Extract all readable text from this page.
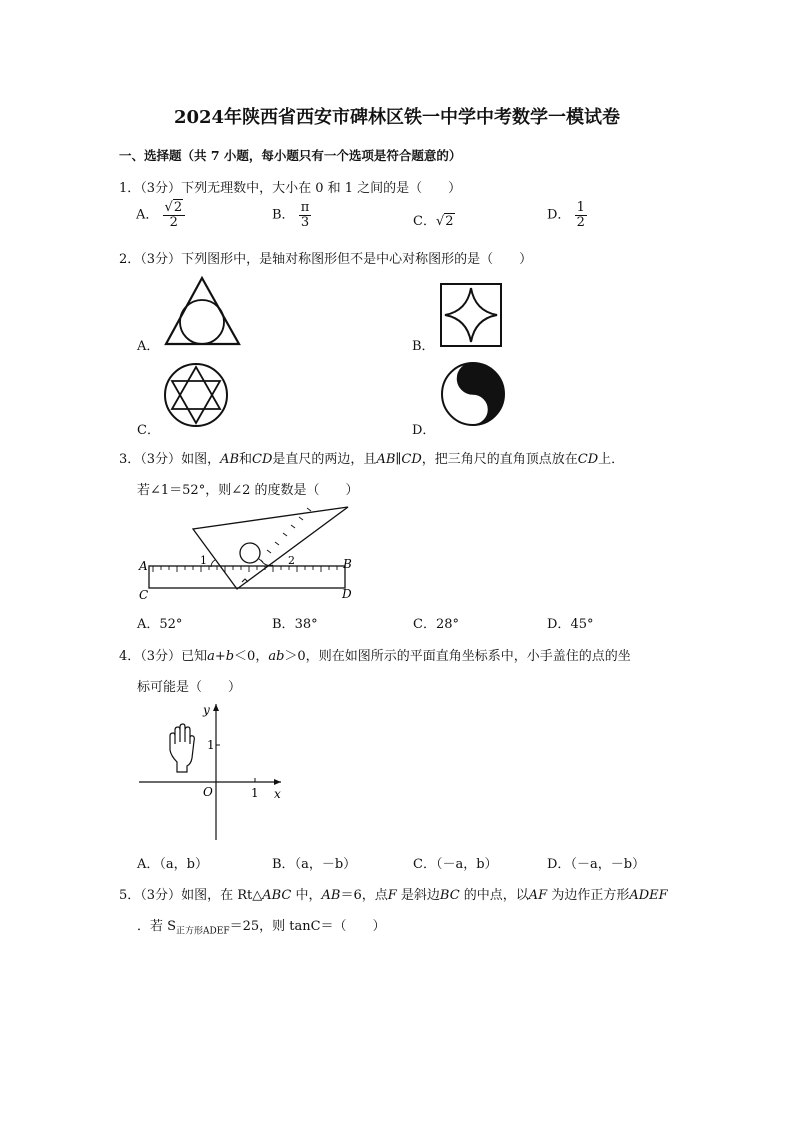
2024年陕西省西安市碑林区铁一中学中考数学一模试卷
一、选择题（共 7 小题，每小题只有一个选项是符合题意的）
1．（3分）下列无理数中，大小在 0 和 1 之间的是（　　）
A． $\frac{√2}{2}$	B． $\frac{\pi}{3}$	C．√2	D． $\frac{1}{2}$
2．（3分）下列图形中，是轴对称图形但不是中心对称图形的是（　　）
A．	B．
C．	D．
3．（3分）如图，AB和CD是直尺的两边，且AB∥CD，把三角尺的直角顶点放在CD上．
若∠1＝52°，则∠2 的度数是（　　）
A	B
C	D
1	2
A．52°	B．38°	C．28°	D．45°
4．（3分）已知a+b＜0，ab＞0，则在如图所示的平面直角坐标系中，小手盖住的点的坐
标可能是（　　）
y
x
O	1
1
A．（a，b）	B．（a，－b）	C．（－a，b）	D．（－a，－b）
5．（3分）如图，在 Rt△ABC 中，AB＝6，点F 是斜边BC 的中点，以AF 为边作正方形ADEF
．若 $S_{正方形ADEF}=25$，则 tanC＝（　　）
